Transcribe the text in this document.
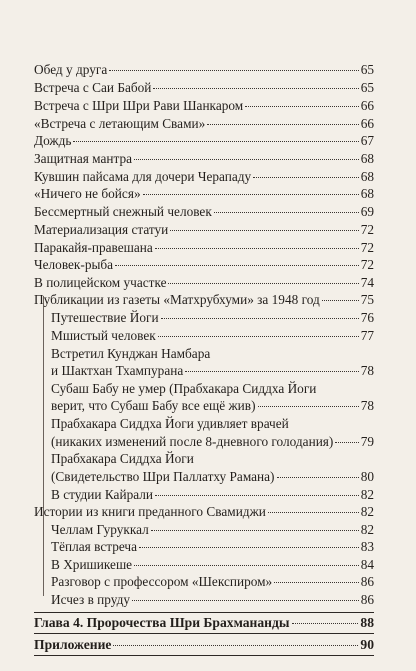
Обед у друга	65
Встреча с Саи Бабой	65
Встреча с Шри Шри Рави Шанкаром	66
«Встреча с летающим Свами»	66
Дождь	67
Защитная мантра	68
Кувшин пайсама для дочери Черападу	68
«Ничего не бойся»	68
Бессмертный снежный человек	69
Материализация статуи	72
Паракайя-правешана	72
Человек-рыба	72
В полицейском участке	74
Публикации из газеты «Матхрубхуми» за 1948 год	75
Путешествие Йоги	76
Мшистый человек	77
Встретил Кунджан Намбара
и Шактхан Тхампурана	78
Субаш Бабу не умер (Прабхакара Сиддха Йоги
верит, что Субаш Бабу все ещё жив)	78
Прабхакара Сиддха Йоги удивляет врачей
(никаких изменений после 8-дневного голодания) 79
Прабхакара Сиддха Йоги
(Свидетельство Шри Паллатху Рамана)	80
В студии Кайрали	82
Истории из книги преданного Свамиджи	82
Челлам Гуруккал	82
Тёплая встреча	83
В Хришикеше	84
Разговор с профессором «Шекспиром»	86
Исчез в пруду	86
Глава 4. Пророчества Шри Брахмананды	88
Приложение	90
